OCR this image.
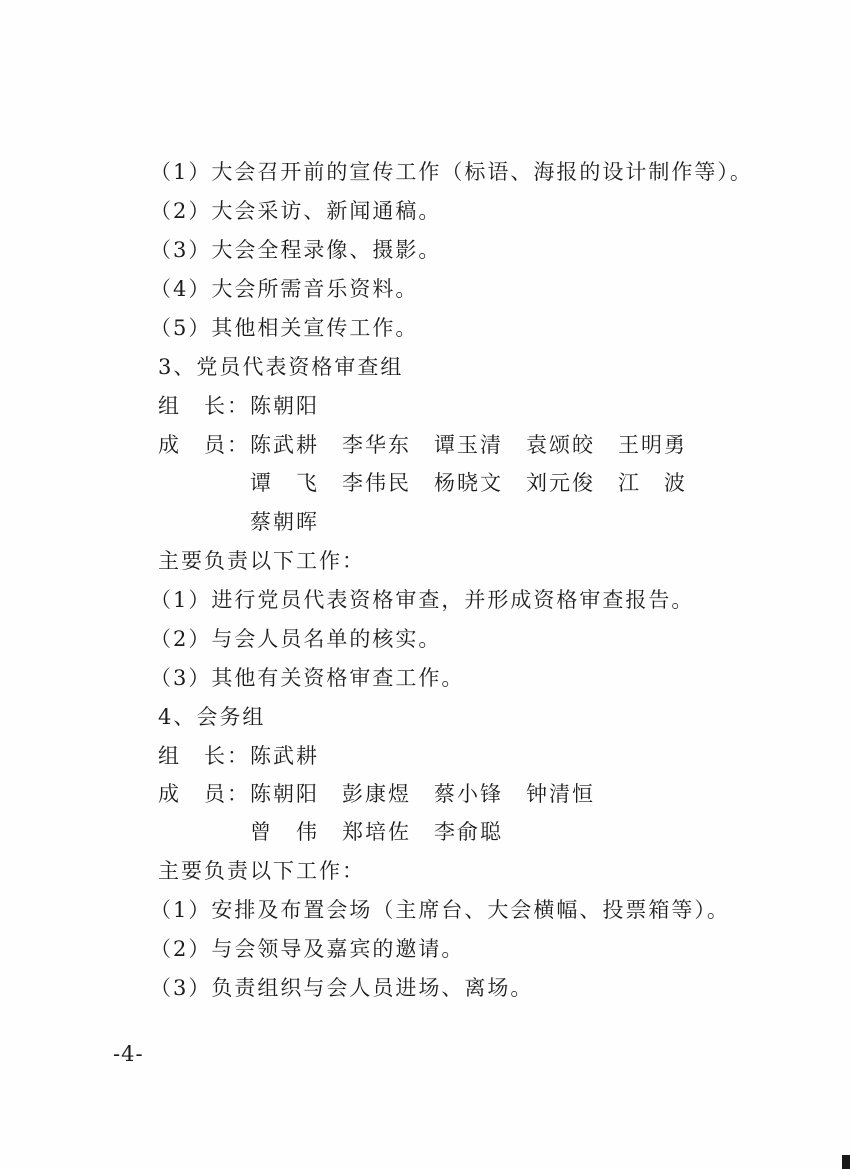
（1）大会召开前的宣传工作（标语、海报的设计制作等）。
（2）大会采访、新闻通稿。
（3）大会全程录像、摄影。
（4）大会所需音乐资料。
（5）其他相关宣传工作。
3、党员代表资格审查组
组　长：陈朝阳
成　员：陈武耕　李华东　谭玉清　袁颂皎　王明勇
　　　　谭　飞　李伟民　杨晓文　刘元俊　江　波
　　　　蔡朝晖
主要负责以下工作：
（1）进行党员代表资格审查，并形成资格审查报告。
（2）与会人员名单的核实。
（3）其他有关资格审查工作。
4、会务组
组　长：陈武耕
成　员：陈朝阳　彭康煜　蔡小锋　钟清恒
　　　　曾　伟　郑培佐　李俞聪
主要负责以下工作：
（1）安排及布置会场（主席台、大会横幅、投票箱等）。
（2）与会领导及嘉宾的邀请。
（3）负责组织与会人员进场、离场。
-4-
